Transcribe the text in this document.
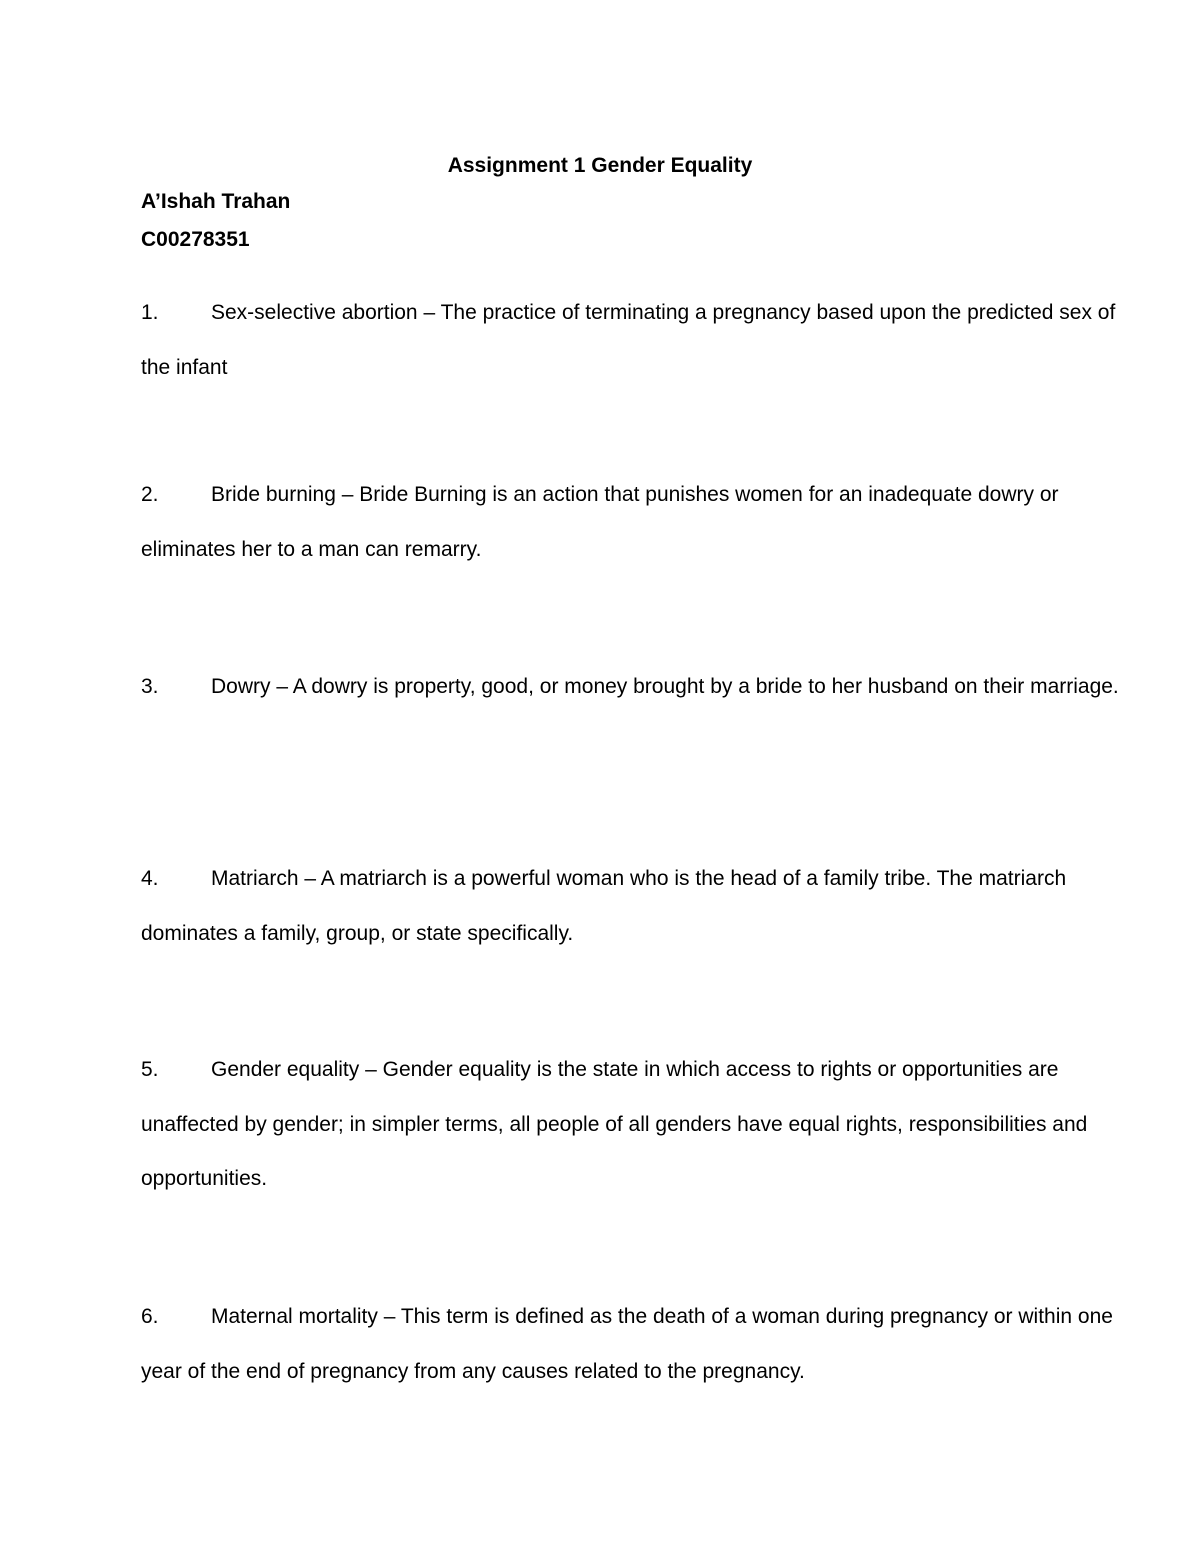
Assignment 1 Gender Equality

A’Ishah Trahan

C00278351

1. Sex-selective abortion – The practice of terminating a pregnancy based upon the predicted sex of the infant

2. Bride burning – Bride Burning is an action that punishes women for an inadequate dowry or eliminates her to a man can remarry.

3. Dowry – A dowry is property, good, or money brought by a bride to her husband on their marriage.

4. Matriarch – A matriarch is a powerful woman who is the head of a family tribe. The matriarch dominates a family, group, or state specifically.

5. Gender equality – Gender equality is the state in which access to rights or opportunities are unaffected by gender; in simpler terms, all people of all genders have equal rights, responsibilities and opportunities.

6. Maternal mortality – This term is defined as the death of a woman during pregnancy or within one year of the end of pregnancy from any causes related to the pregnancy.
